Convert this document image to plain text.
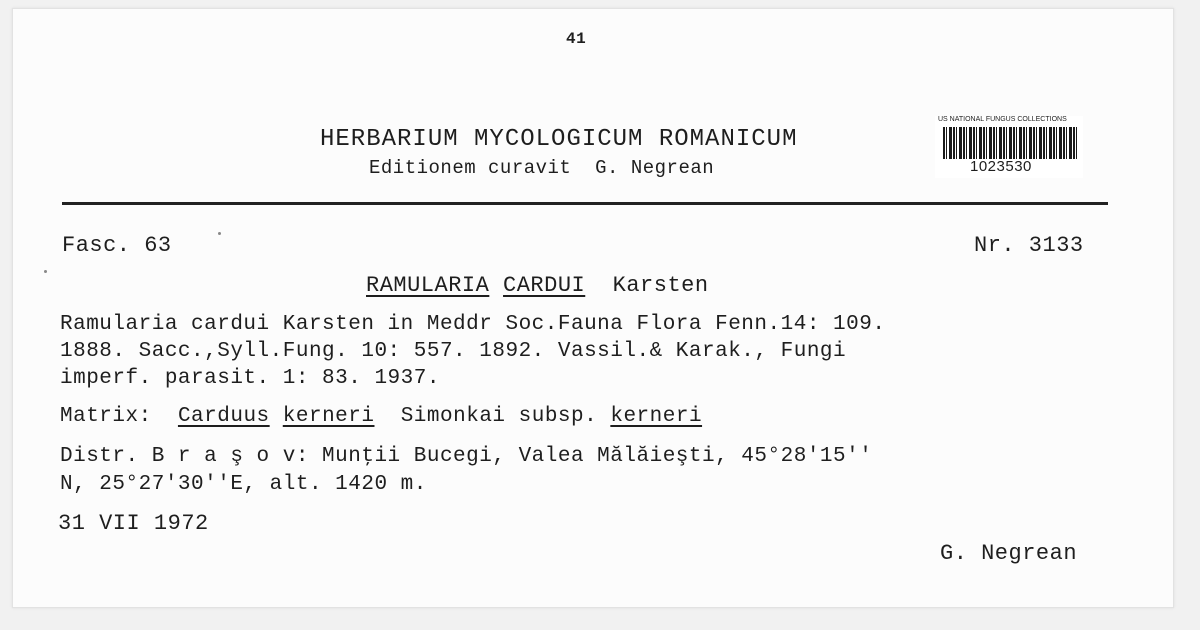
41
HERBARIUM MYCOLOGICUM ROMANICUM
Editionem curavit  G. Negrean
US NATIONAL FUNGUS COLLECTIONS
1023530
Fasc. 63	Nr. 3133
RAMULARIA CARDUI Karsten
Ramularia cardui Karsten in Meddr Soc.Fauna Flora Fenn.14: 109.
1888. Sacc.,Syll.Fung. 10: 557. 1892. Vassil.& Karak., Fungi
imperf. parasit. 1: 83. 1937.
Matrix: Carduus kerneri Simonkai subsp. kerneri
Distr. B r a ş o v: Munţii Bucegi, Valea Mălăieşti, 45°28'15''
N, 25°27'30''E, alt. 1420 m.
31 VII 1972
G. Negrean
